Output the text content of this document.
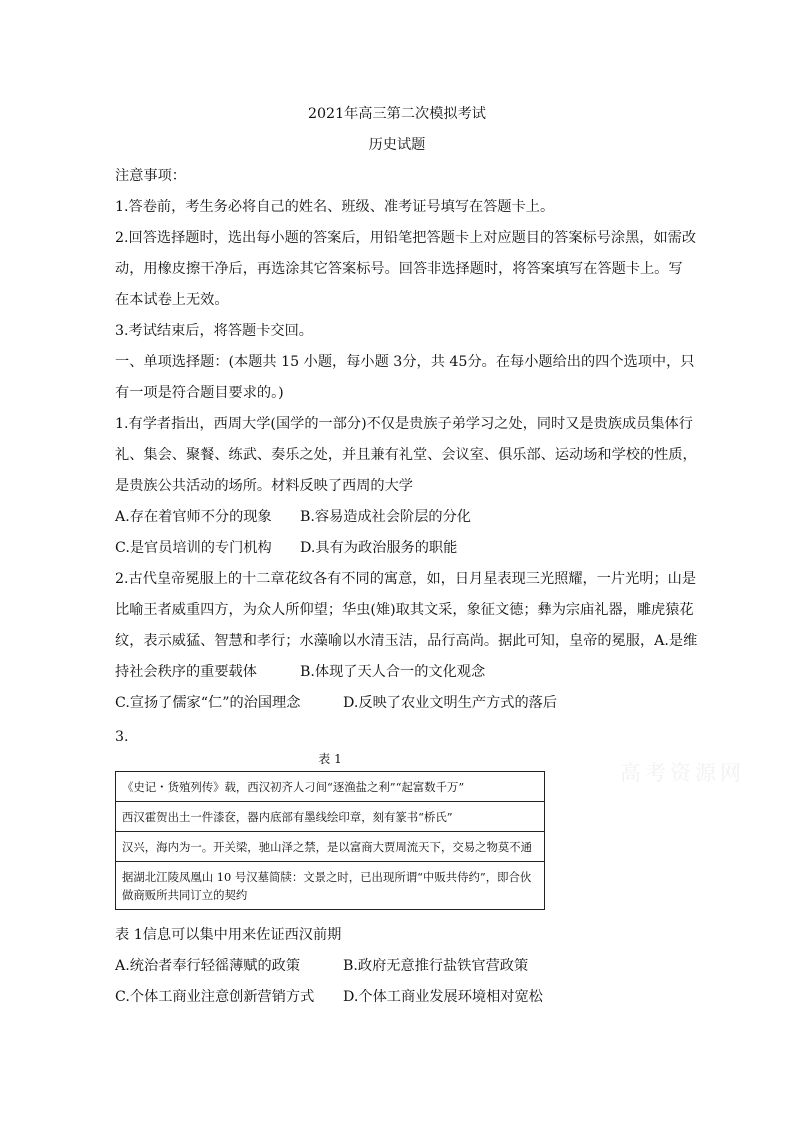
2021年高三第二次模拟考试
历史试题
注意事项：
1.答卷前，考生务必将自己的姓名、班级、准考证号填写在答题卡上。
2.回答选择题时，选出每小题的答案后，用铅笔把答题卡上对应题目的答案标号涂黑，如需改
动，用橡皮擦干净后，再选涂其它答案标号。回答非选择题时，将答案填写在答题卡上。写
在本试卷上无效。
3.考试结束后，将答题卡交回。
一、单项选择题：(本题共 15 小题，每小题 3分，共 45分。在每小题给出的四个选项中，只
有一项是符合题目要求的。)
1.有学者指出，西周大学(国学的一部分)不仅是贵族子弟学习之处，同时又是贵族成员集体行
礼、集会、聚餐、练武、奏乐之处，并且兼有礼堂、会议室、俱乐部、运动场和学校的性质，
是贵族公共活动的场所。材料反映了西周的大学
A.存在着官师不分的现象 B.容易造成社会阶层的分化
C.是官员培训的专门机构 D.具有为政治服务的职能
2.古代皇帝冕服上的十二章花纹各有不同的寓意，如，日月星表现三光照耀，一片光明；山是
比喻王者威重四方，为众人所仰望；华虫(雉)取其文采，象征文德；彝为宗庙礼器，雕虎猿花
纹，表示威猛、智慧和孝行；水藻喻以水清玉洁，品行高尚。据此可知，皇帝的冕服，A.是维
持社会秩序的重要载体	B.体现了天人合一的文化观念
C.宣扬了儒家“仁”的治国理念	D.反映了农业文明生产方式的落后
3.
表 1
高考资源网
《史记・货殖列传》载，西汉初齐人刁间“逐渔盐之利”“起富数千万”
西汉霍贺出土一件漆奁，器内底部有墨线绘印章，刻有篆书“桥氏”
汉兴，海内为一。开关梁，驰山泽之禁，是以富商大贾周流天下，交易之物莫不通
据湖北江陵凤凰山 10 号汉墓简牍：文景之时，已出现所谓“中贩共侍约”，即合伙做商贩所共同订立的契约
表 1信息可以集中用来佐证西汉前期
A.统治者奉行轻徭薄赋的政策	B.政府无意推行盐铁官营政策
C.个体工商业注意创新营销方式 D.个体工商业发展环境相对宽松
